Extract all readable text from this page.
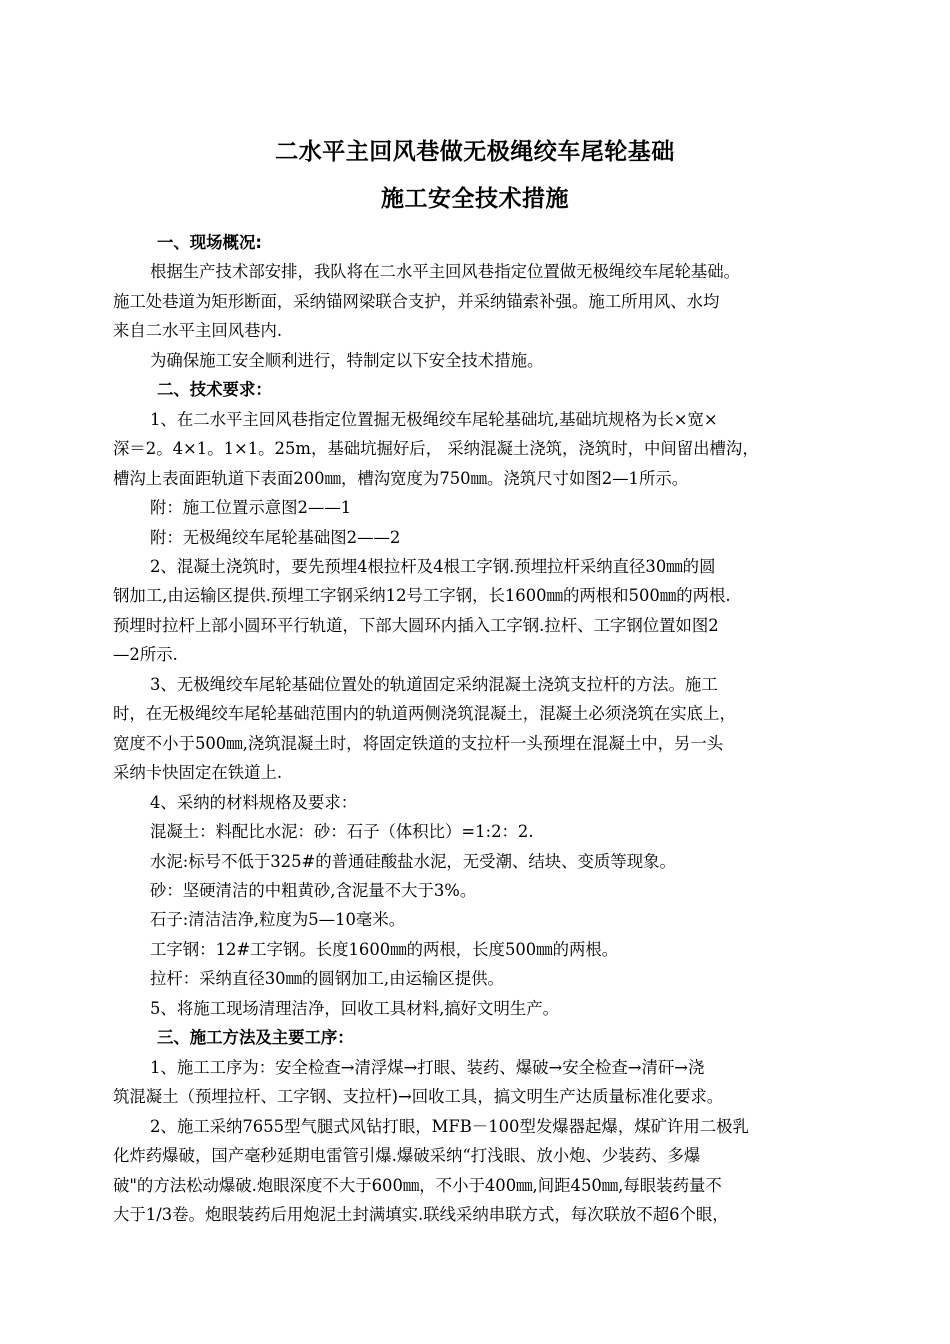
二水平主回风巷做无极绳绞车尾轮基础
施工安全技术措施

一、现场概况:

根据生产技术部安排，我队将在二水平主回风巷指定位置做无极绳绞车尾轮基础。

施工处巷道为矩形断面，采纳锚网梁联合支护，并采纳锚索补强。施工所用风、水均

来自二水平主回风巷内.

为确保施工安全顺利进行，特制定以下安全技术措施。

二、技术要求：

1、在二水平主回风巷指定位置掘无极绳绞车尾轮基础坑,基础坑规格为长×宽×

深＝2。4×1。1×1。25m，基础坑掘好后， 采纳混凝土浇筑，浇筑时，中间留出槽沟，

槽沟上表面距轨道下表面200㎜，槽沟宽度为750㎜。浇筑尺寸如图2—1所示。

附：施工位置示意图2——1

附：无极绳绞车尾轮基础图2——2

2、混凝土浇筑时，要先预埋4根拉杆及4根工字钢.预埋拉杆采纳直径30㎜的圆

钢加工,由运输区提供.预埋工字钢采纳12号工字钢，长1600㎜的两根和500㎜的两根.

预埋时拉杆上部小圆环平行轨道，下部大圆环内插入工字钢.拉杆、工字钢位置如图2

—2所示.

3、无极绳绞车尾轮基础位置处的轨道固定采纳混凝土浇筑支拉杆的方法。施工

时，在无极绳绞车尾轮基础范围内的轨道两侧浇筑混凝土，混凝土必须浇筑在实底上，

宽度不小于500㎜,浇筑混凝土时，将固定铁道的支拉杆一头预埋在混凝土中，另一头

采纳卡快固定在铁道上.

4、采纳的材料规格及要求：

混凝土：料配比水泥：砂：石子（体积比）=1:2：2.

水泥:标号不低于325#的普通硅酸盐水泥，无受潮、结块、变质等现象。

砂：坚硬清洁的中粗黄砂,含泥量不大于3%。

石子:清洁洁净,粒度为5—10毫米。

工字钢：12#工字钢。长度1600㎜的两根，长度500㎜的两根。

拉杆：采纳直径30㎜的圆钢加工,由运输区提供。

5、将施工现场清理洁净，回收工具材料,搞好文明生产。

三、施工方法及主要工序：

1、施工工序为：安全检查→清浮煤→打眼、装药、爆破→安全检查→清矸→浇

筑混凝土（预埋拉杆、工字钢、支拉杆)→回收工具，搞文明生产达质量标准化要求。

2、施工采纳7655型气腿式风钻打眼，MFB－100型发爆器起爆，煤矿许用二极乳

化炸药爆破，国产毫秒延期电雷管引爆.爆破采纳“打浅眼、放小炮、少装药、多爆

破"的方法松动爆破.炮眼深度不大于600㎜，不小于400㎜,间距450㎜,每眼装药量不

大于1/3卷。炮眼装药后用炮泥土封满填实.联线采纳串联方式，每次联放不超6个眼，
